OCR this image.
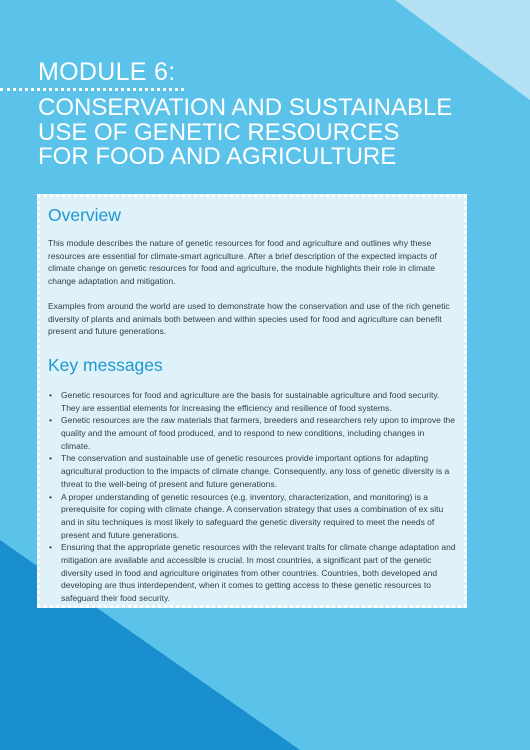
MODULE 6:
CONSERVATION AND SUSTAINABLE
USE OF GENETIC RESOURCES
FOR FOOD AND AGRICULTURE
Overview

This module describes the nature of genetic resources for food and agriculture and outlines why these resources are essential for climate-smart agriculture. After a brief description of the expected impacts of climate change on genetic resources for food and agriculture, the module highlights their role in climate change adaptation and mitigation.

Examples from around the world are used to demonstrate how the conservation and use of the rich genetic diversity of plants and animals both between and within species used for food and agriculture can benefit present and future generations.

Key messages
• Genetic resources for food and agriculture are the basis for sustainable agriculture and food security. They are essential elements for increasing the efficiency and resilience of food systems.
• Genetic resources are the raw materials that farmers, breeders and researchers rely upon to improve the quality and the amount of food produced, and to respond to new conditions, including changes in climate.
• The conservation and sustainable use of genetic resources provide important options for adapting agricultural production to the impacts of climate change. Consequently, any loss of genetic diversity is a threat to the well-being of present and future generations.
• A proper understanding of genetic resources (e.g. inventory, characterization, and monitoring) is a prerequisite for coping with climate change. A conservation strategy that uses a combination of ex situ and in situ techniques is most likely to safeguard the genetic diversity required to meet the needs of present and future generations.
• Ensuring that the appropriate genetic resources with the relevant traits for climate change adaptation and mitigation are available and accessible is crucial. In most countries, a significant part of the genetic diversity used in food and agriculture originates from other countries. Countries, both developed and developing are thus interdependent, when it comes to getting access to these genetic resources to safeguard their food security.
